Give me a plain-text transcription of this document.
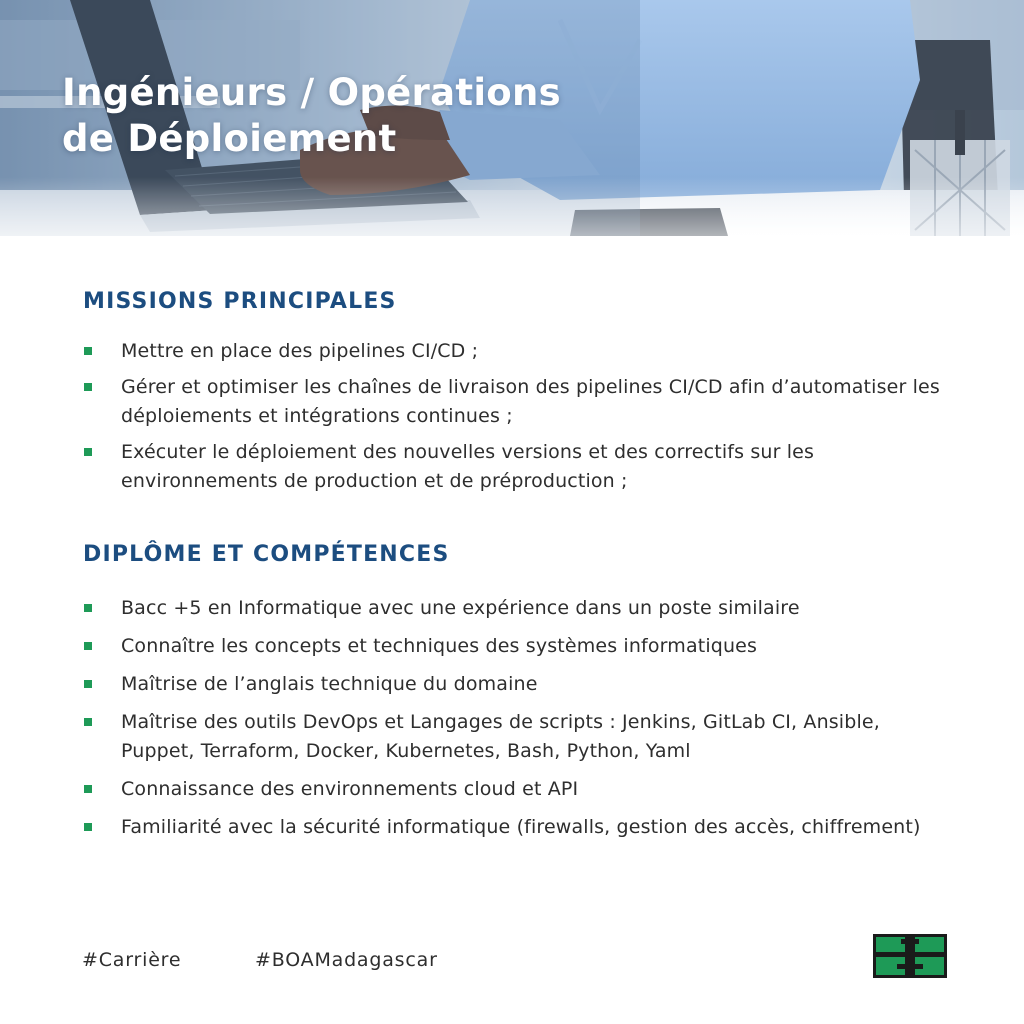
Ingénieurs / Opérations
de Déploiement
MISSIONS PRINCIPALES
Mettre en place des pipelines CI/CD ;
Gérer et optimiser les chaînes de livraison des pipelines CI/CD afin d’automatiser les déploiements et intégrations continues ;
Exécuter le déploiement des nouvelles versions et des correctifs sur les environnements de production et de préproduction ;
DIPLÔME ET COMPÉTENCES
Bacc +5 en Informatique avec une expérience dans un poste similaire
Connaître les concepts et techniques des systèmes informatiques
Maîtrise de l’anglais technique du domaine
Maîtrise des outils DevOps et Langages de scripts : Jenkins, GitLab CI, Ansible, Puppet, Terraform, Docker, Kubernetes, Bash, Python, Yaml
Connaissance des environnements cloud et API
Familiarité avec la sécurité informatique (firewalls, gestion des accès, chiffrement)
#Carrière	#BOAMadagascar
